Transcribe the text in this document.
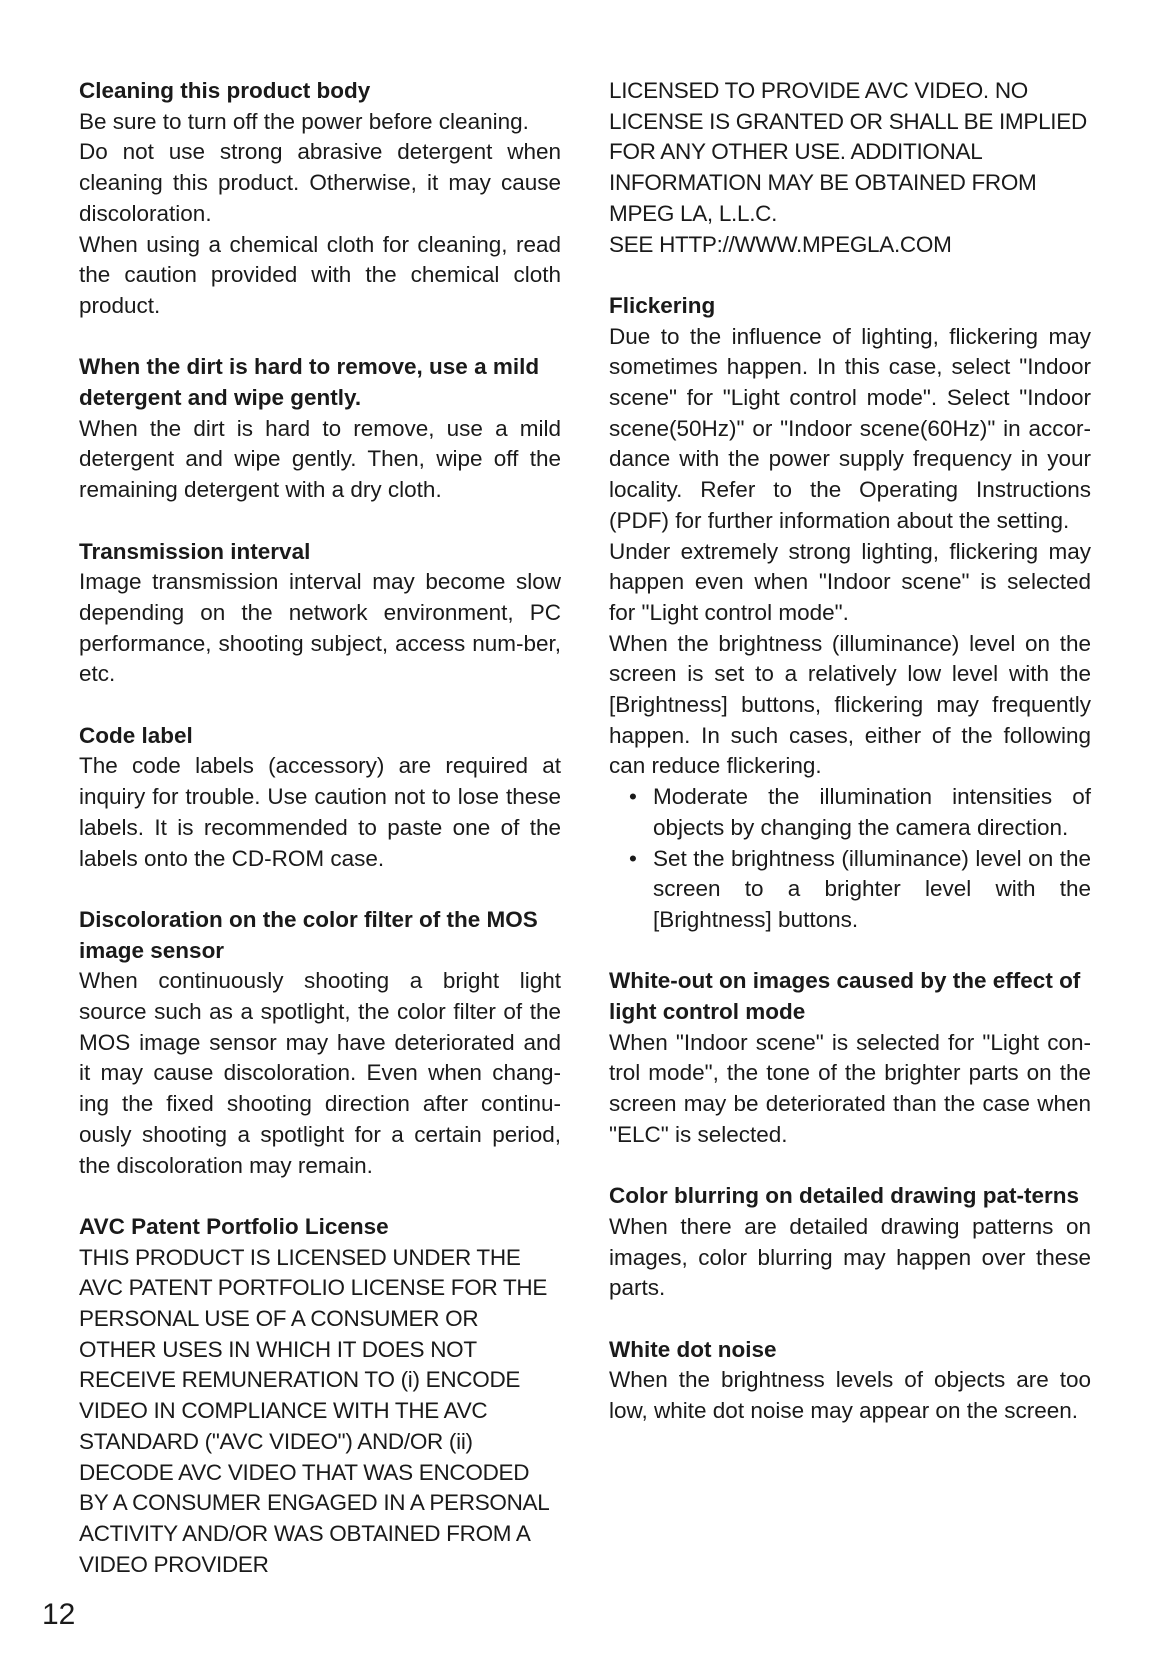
Cleaning this product body

Be sure to turn off the power before cleaning.

Do not use strong abrasive detergent when cleaning this product. Otherwise, it may cause discoloration.

When using a chemical cloth for cleaning, read the caution provided with the chemical cloth product.

When the dirt is hard to remove, use a mild detergent and wipe gently.

When the dirt is hard to remove, use a mild detergent and wipe gently. Then, wipe off the remaining detergent with a dry cloth.

Transmission interval

Image transmission interval may become slow depending on the network environment, PC performance, shooting subject, access num-ber, etc.

Code label

The code labels (accessory) are required at inquiry for trouble. Use caution not to lose these labels. It is recommended to paste one of the labels onto the CD-ROM case.

Discoloration on the color filter of the MOS image sensor

When continuously shooting a bright light source such as a spotlight, the color filter of the MOS image sensor may have deteriorated and it may cause discoloration. Even when chang-ing the fixed shooting direction after continu-ously shooting a spotlight for a certain period, the discoloration may remain.

AVC Patent Portfolio License

THIS PRODUCT IS LICENSED UNDER THE AVC PATENT PORTFOLIO LICENSE FOR THE PERSONAL USE OF A CONSUMER OR OTHER USES IN WHICH IT DOES NOT RECEIVE REMUNERATION TO (i) ENCODE VIDEO IN COMPLIANCE WITH THE AVC STANDARD ("AVC VIDEO") AND/OR (ii) DECODE AVC VIDEO THAT WAS ENCODED BY A CONSUMER ENGAGED IN A PERSONAL ACTIVITY AND/OR WAS OBTAINED FROM A VIDEO PROVIDER

LICENSED TO PROVIDE AVC VIDEO. NO LICENSE IS GRANTED OR SHALL BE IMPLIED FOR ANY OTHER USE. ADDITIONAL INFORMATION MAY BE OBTAINED FROM MPEG LA, L.L.C.

SEE HTTP://WWW.MPEGLA.COM

Flickering

Due to the influence of lighting, flickering may sometimes happen. In this case, select "Indoor scene" for "Light control mode". Select "Indoor scene(50Hz)" or "Indoor scene(60Hz)" in accor-dance with the power supply frequency in your locality. Refer to the Operating Instructions (PDF) for further information about the setting.

Under extremely strong lighting, flickering may happen even when "Indoor scene" is selected for "Light control mode".

When the brightness (illuminance) level on the screen is set to a relatively low level with the [Brightness] buttons, flickering may frequently happen. In such cases, either of the following can reduce flickering.

• Moderate the illumination intensities of objects by changing the camera direction.
• Set the brightness (illuminance) level on the screen to a brighter level with the [Brightness] buttons.

White-out on images caused by the effect of light control mode

When "Indoor scene" is selected for "Light con-trol mode", the tone of the brighter parts on the screen may be deteriorated than the case when "ELC" is selected.

Color blurring on detailed drawing pat-terns

When there are detailed drawing patterns on images, color blurring may happen over these parts.

White dot noise

When the brightness levels of objects are too low, white dot noise may appear on the screen.

12
